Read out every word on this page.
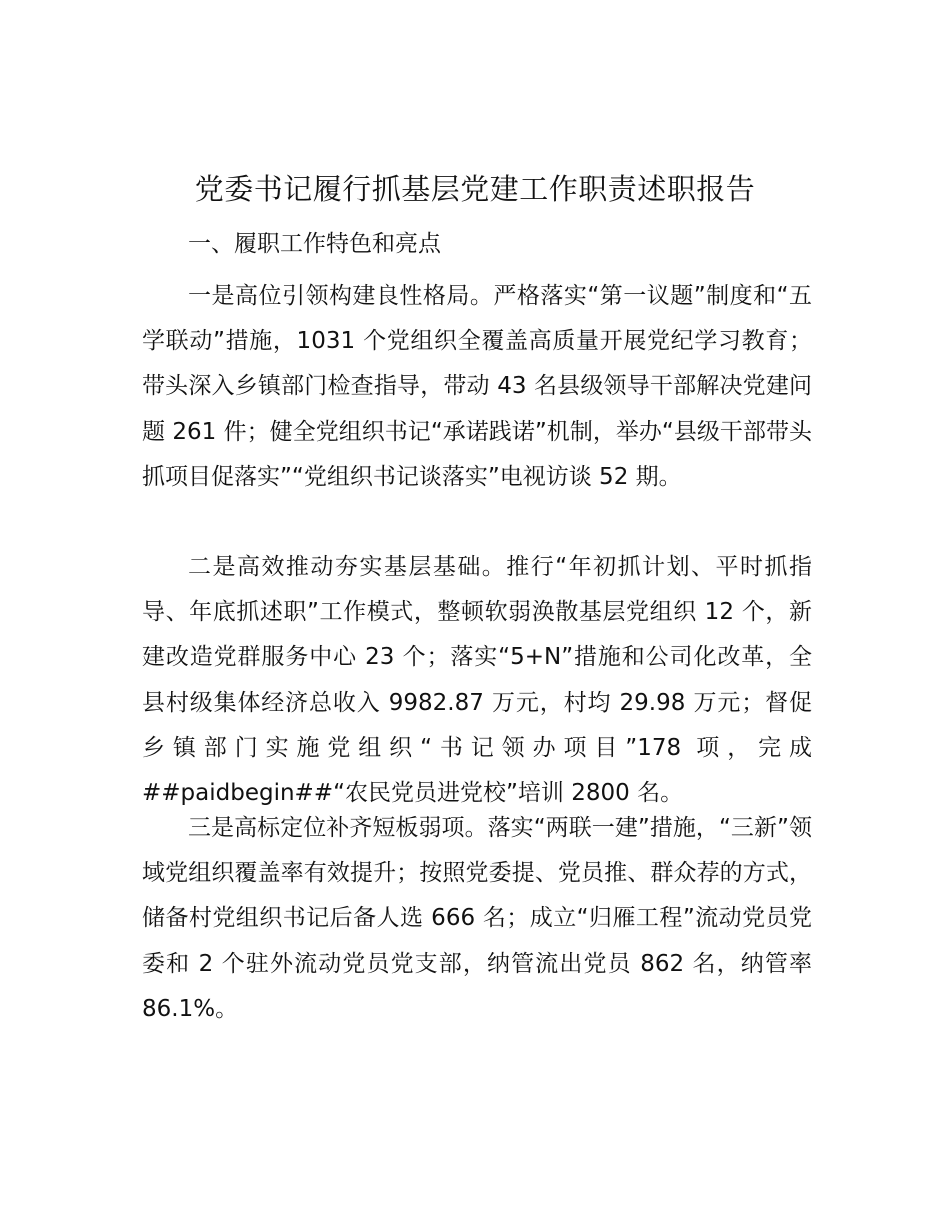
党委书记履行抓基层党建工作职责述职报告

一、履职工作特色和亮点

一是高位引领构建良性格局。严格落实“第一议题”制度和“五学联动”措施，1031 个党组织全覆盖高质量开展党纪学习教育；带头深入乡镇部门检查指导，带动 43 名县级领导干部解决党建问题 261 件；健全党组织书记“承诺践诺”机制，举办“县级干部带头抓项目促落实”“党组织书记谈落实”电视访谈 52 期。

二是高效推动夯实基层基础。推行“年初抓计划、平时抓指导、年底抓述职”工作模式，整顿软弱涣散基层党组织 12 个，新建改造党群服务中心 23 个；落实“5+N”措施和公司化改革，全县村级集体经济总收入 9982.87 万元，村均 29.98 万元；督促乡镇部门实施党组织“书记领办项目”178 项，完成##paidbegin##“农民党员进党校”培训 2800 名。

三是高标定位补齐短板弱项。落实“两联一建”措施，“三新”领域党组织覆盖率有效提升；按照党委提、党员推、群众荐的方式，储备村党组织书记后备人选 666 名；成立“归雁工程”流动党员党委和 2 个驻外流动党员党支部，纳管流出党员 862 名，纳管率 86.1%。
